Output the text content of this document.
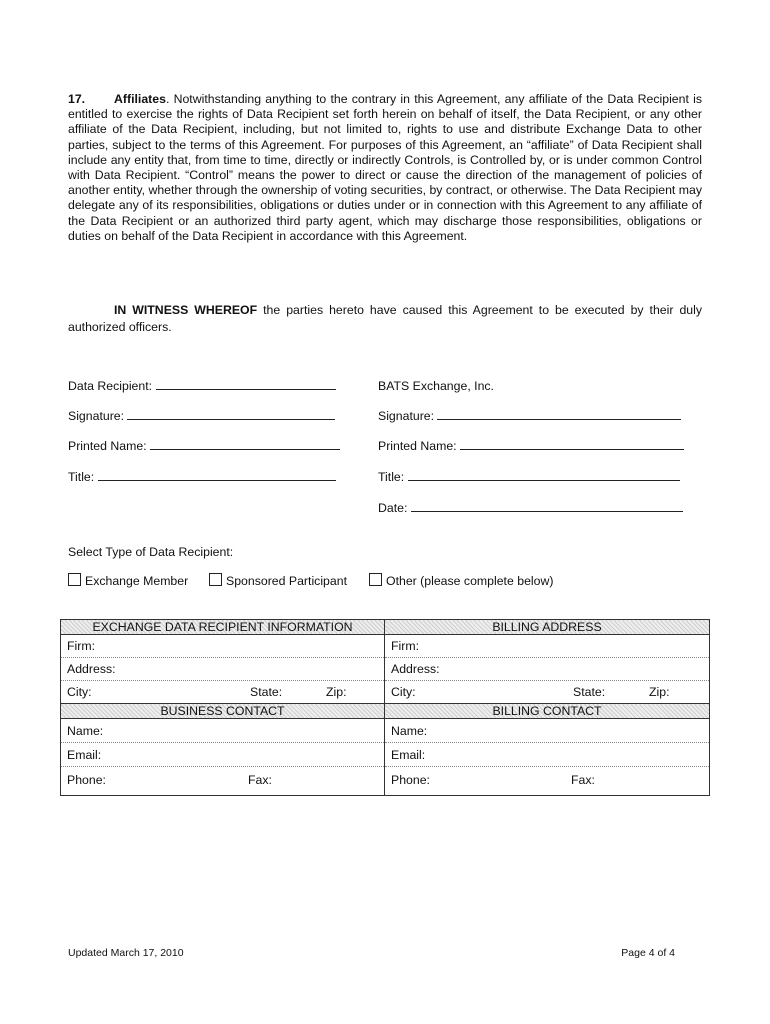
17. Affiliates. Notwithstanding anything to the contrary in this Agreement, any affiliate of the Data Recipient is entitled to exercise the rights of Data Recipient set forth herein on behalf of itself, the Data Recipient, or any other affiliate of the Data Recipient, including, but not limited to, rights to use and distribute Exchange Data to other parties, subject to the terms of this Agreement. For purposes of this Agreement, an “affiliate” of Data Recipient shall include any entity that, from time to time, directly or indirectly Controls, is Controlled by, or is under common Control with Data Recipient. “Control” means the power to direct or cause the direction of the management of policies of another entity, whether through the ownership of voting securities, by contract, or otherwise. The Data Recipient may delegate any of its responsibilities, obligations or duties under or in connection with this Agreement to any affiliate of the Data Recipient or an authorized third party agent, which may discharge those responsibilities, obligations or duties on behalf of the Data Recipient in accordance with this Agreement.
IN WITNESS WHEREOF the parties hereto have caused this Agreement to be executed by their duly authorized officers.
Data Recipient:
Signature:
Printed Name:
Title:
BATS Exchange, Inc.
Signature:
Printed Name:
Title:
Date:
Select Type of Data Recipient:
Exchange Member	Sponsored Participant	Other (please complete below)
EXCHANGE DATA RECIPIENT INFORMATION	BILLING ADDRESS
Firm:	Firm:
Address:	Address:

City: State: Zip:	City: State: Zip:

BUSINESS CONTACT	BILLING CONTACT
Name:	Name:
Email:	Email:

Phone: Fax:	Phone: Fax:
Updated March 17, 2010	Page 4 of 4
